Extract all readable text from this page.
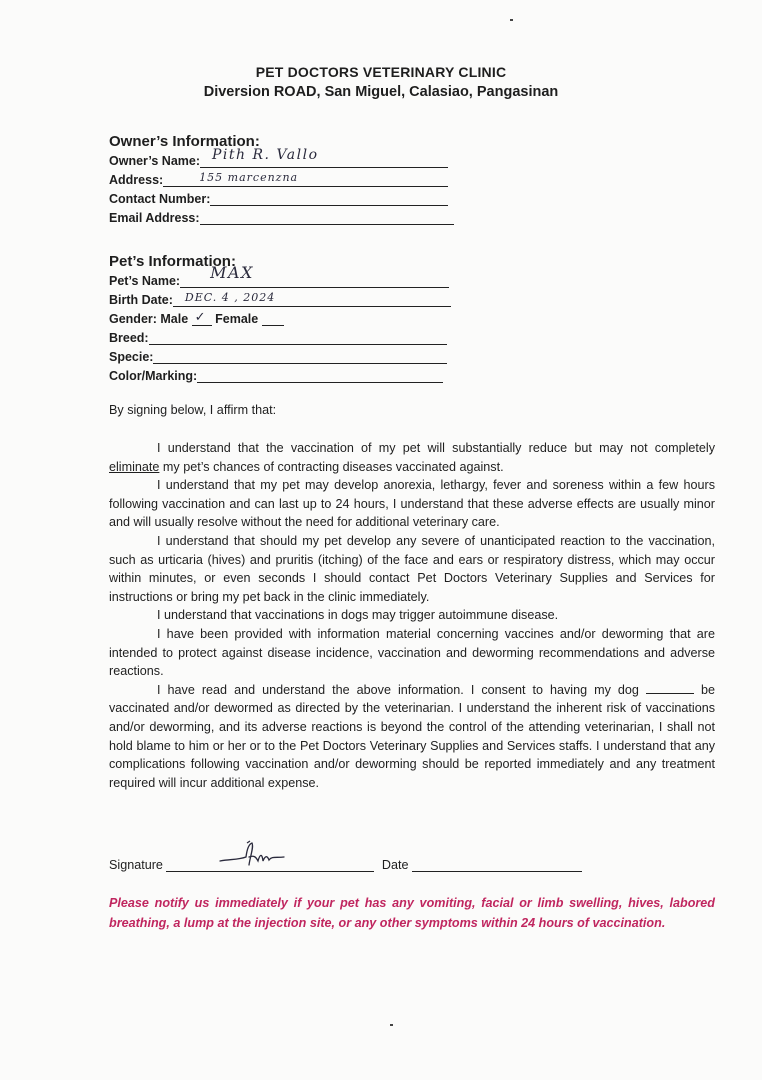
PET DOCTORS VETERINARY CLINIC
Diversion ROAD, San Miguel, Calasiao, Pangasinan
Owner’s Information:
Owner’s Name: Pith R. Vallo
Address:	155 marcenzna
Contact Number:
Email Address:
Pet’s Information:
Pet’s Name: MAX
Birth Date: DEC. 4 , 2024
Gender: Male ✓ Female
Breed:
Specie:
Color/Marking:
By signing below, I affirm that:

I understand that the vaccination of my pet will substantially reduce but may not completely eliminate my pet’s chances of contracting diseases vaccinated against.

I understand that my pet may develop anorexia, lethargy, fever and soreness within a few hours following vaccination and can last up to 24 hours, I understand that these adverse effects are usually minor and will usually resolve without the need for additional veterinary care.

I understand that should my pet develop any severe of unanticipated reaction to the vaccination, such as urticaria (hives) and pruritis (itching) of the face and ears or respiratory distress, which may occur within minutes, or even seconds I should contact Pet Doctors Veterinary Supplies and Services for instructions or bring my pet back in the clinic immediately.

I understand that vaccinations in dogs may trigger autoimmune disease.

I have been provided with information material concerning vaccines and/or deworming that are intended to protect against disease incidence, vaccination and deworming recommendations and adverse reactions.

I have read and understand the above information. I consent to having my dog	be vaccinated and/or dewormed as directed by the veterinarian. I understand the inherent risk of vaccinations and/or deworming, and its adverse reactions is beyond the control of the attending veterinarian, I shall not hold blame to him or her or to the Pet Doctors Veterinary Supplies and Services staffs. I understand that any complications following vaccination and/or deworming should be reported immediately and any treatment required will incur additional expense.

Signature	Date
Please notify us immediately if your pet has any vomiting, facial or limb swelling, hives, labored breathing, a lump at the injection site, or any other symptoms within 24 hours of vaccination.
